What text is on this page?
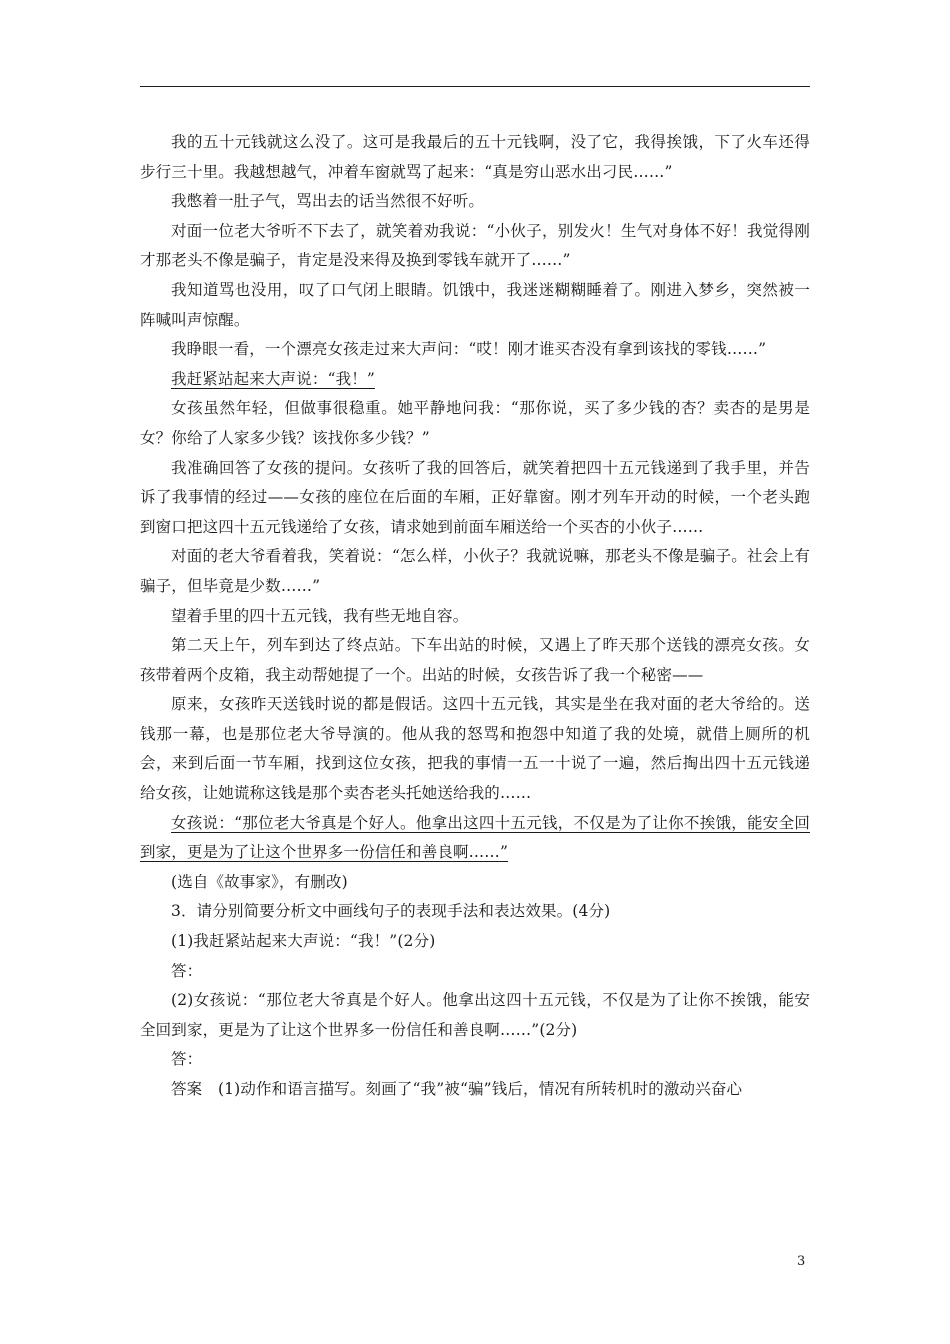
我的五十元钱就这么没了。这可是我最后的五十元钱啊，没了它，我得挨饿，下了火车还得步行三十里。我越想越气，冲着车窗就骂了起来：“真是穷山恶水出刁民……”

我憋着一肚子气，骂出去的话当然很不好听。

对面一位老大爷听不下去了，就笑着劝我说：“小伙子，别发火！生气对身体不好！我觉得刚才那老头不像是骗子，肯定是没来得及换到零钱车就开了……”

我知道骂也没用，叹了口气闭上眼睛。饥饿中，我迷迷糊糊睡着了。刚进入梦乡，突然被一阵喊叫声惊醒。

我睁眼一看，一个漂亮女孩走过来大声问：“哎！刚才谁买杏没有拿到该找的零钱……”

我赶紧站起来大声说：“我！”

女孩虽然年轻，但做事很稳重。她平静地问我：“那你说，买了多少钱的杏？卖杏的是男是女？你给了人家多少钱？该找你多少钱？”

我准确回答了女孩的提问。女孩听了我的回答后，就笑着把四十五元钱递到了我手里，并告诉了我事情的经过——女孩的座位在后面的车厢，正好靠窗。刚才列车开动的时候，一个老头跑到窗口把这四十五元钱递给了女孩，请求她到前面车厢送给一个买杏的小伙子……

对面的老大爷看着我，笑着说：“怎么样，小伙子？我就说嘛，那老头不像是骗子。社会上有骗子，但毕竟是少数……”

望着手里的四十五元钱，我有些无地自容。

第二天上午，列车到达了终点站。下车出站的时候，又遇上了昨天那个送钱的漂亮女孩。女孩带着两个皮箱，我主动帮她提了一个。出站的时候，女孩告诉了我一个秘密——

原来，女孩昨天送钱时说的都是假话。这四十五元钱，其实是坐在我对面的老大爷给的。送钱那一幕，也是那位老大爷导演的。他从我的怒骂和抱怨中知道了我的处境，就借上厕所的机会，来到后面一节车厢，找到这位女孩，把我的事情一五一十说了一遍，然后掏出四十五元钱递给女孩，让她谎称这钱是那个卖杏老头托她送给我的……

女孩说：“那位老大爷真是个好人。他拿出这四十五元钱，不仅是为了让你不挨饿，能安全回到家，更是为了让这个世界多一份信任和善良啊……”

(选自《故事家》，有删改)

3．请分别简要分析文中画线句子的表现手法和表达效果。(4分)

(1)我赶紧站起来大声说：“我！”(2分)

答：

(2)女孩说：“那位老大爷真是个好人。他拿出这四十五元钱，不仅是为了让你不挨饿，能安全回到家，更是为了让这个世界多一份信任和善良啊……”(2分)

答：

答案　(1)动作和语言描写。刻画了“我”被“骗”钱后，情况有所转机时的激动兴奋心

3
